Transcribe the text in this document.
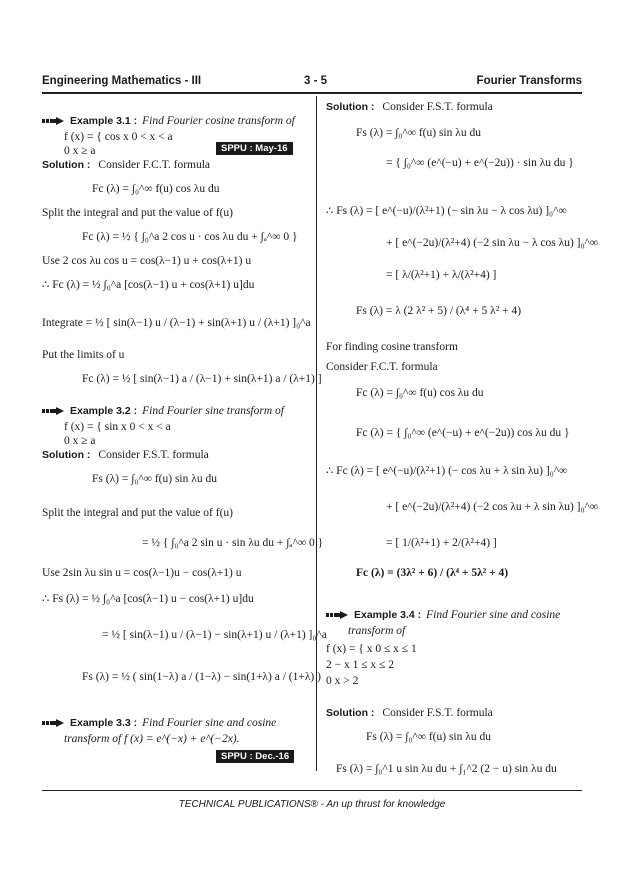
Engineering Mathematics - III	3 - 5	Fourier Transforms
TECHNICAL PUBLICATIONS® - An up thrust for knowledge
Example 3.1 : Find Fourier cosine transform of
f (x) = { cos x 0 < x < a
0 x ≥ a	SPPU : May-16
Solution : Consider F.C.T. formula
Fc (λ) = ∫₀^∞ f(u) cos λu du
Split the integral and put the value of f(u)
Fc (λ) = ½ { ∫₀^a 2 cos u · cos λu du + ∫ₐ^∞ 0 }
Use 2 cos λu cos u = cos(λ−1) u + cos(λ+1) u
∴ Fc (λ) = ½ ∫₀^a [cos(λ−1) u + cos(λ+1) u]du
Integrate = ½ [ sin(λ−1) u / (λ−1) + sin(λ+1) u / (λ+1) ]₀^a
Put the limits of u
Fc (λ) = ½ [ sin(λ−1) a / (λ−1) + sin(λ+1) a / (λ+1) ]
Example 3.2 : Find Fourier sine transform of
f (x) = { sin x 0 < x < a
0 x ≥ a
Solution : Consider F.S.T. formula
Fs (λ) = ∫₀^∞ f(u) sin λu du
Split the integral and put the value of f(u)
= ½ { ∫₀^a 2 sin u · sin λu du + ∫ₐ^∞ 0 }
Use 2sin λu sin u = cos(λ−1)u − cos(λ+1) u
∴ Fs (λ) = ½ ∫₀^a [cos(λ−1) u − cos(λ+1) u]du
= ½ [ sin(λ−1) u / (λ−1) − sin(λ+1) u / (λ+1) ]₀^a
Fs (λ) = ½ ( sin(1−λ) a / (1−λ) − sin(1+λ) a / (1+λ) )
Example 3.3 : Find Fourier sine and cosine
transform of f (x) = e^(−x) + e^(−2x).
SPPU : Dec.-16
Solution : Consider F.S.T. formula
Fs (λ) = ∫₀^∞ f(u) sin λu du
= { ∫₀^∞ (e^(−u) + e^(−2u)) · sin λu du }
∴ Fs (λ) = [ e^(−u)/(λ²+1) (− sin λu − λ cos λu) ]₀^∞
+ [ e^(−2u)/(λ²+4) (−2 sin λu − λ cos λu) ]₀^∞
= [ λ/(λ²+1) + λ/(λ²+4) ]
Fs (λ) = λ (2 λ² + 5) / (λ⁴ + 5 λ² + 4)
For finding cosine transform
Consider F.C.T. formula
Fc (λ) = ∫₀^∞ f(u) cos λu du
Fc (λ) = { ∫₀^∞ (e^(−u) + e^(−2u)) cos λu du }
∴ Fc (λ) = [ e^(−u)/(λ²+1) (− cos λu + λ sin λu) ]₀^∞
+ [ e^(−2u)/(λ²+4) (−2 cos λu + λ sin λu) ]₀^∞
= [ 1/(λ²+1) + 2/(λ²+4) ]
Fc (λ) = (3λ² + 6) / (λ⁴ + 5λ² + 4)
Example 3.4 : Find Fourier sine and cosine
transform of
f (x) = { x 0 ≤ x ≤ 1
2 − x 1 ≤ x ≤ 2
0 x > 2
Solution : Consider F.S.T. formula
Fs (λ) = ∫₀^∞ f(u) sin λu du
Fs (λ) = ∫₀^1 u sin λu du + ∫₁^2 (2 − u) sin λu du
